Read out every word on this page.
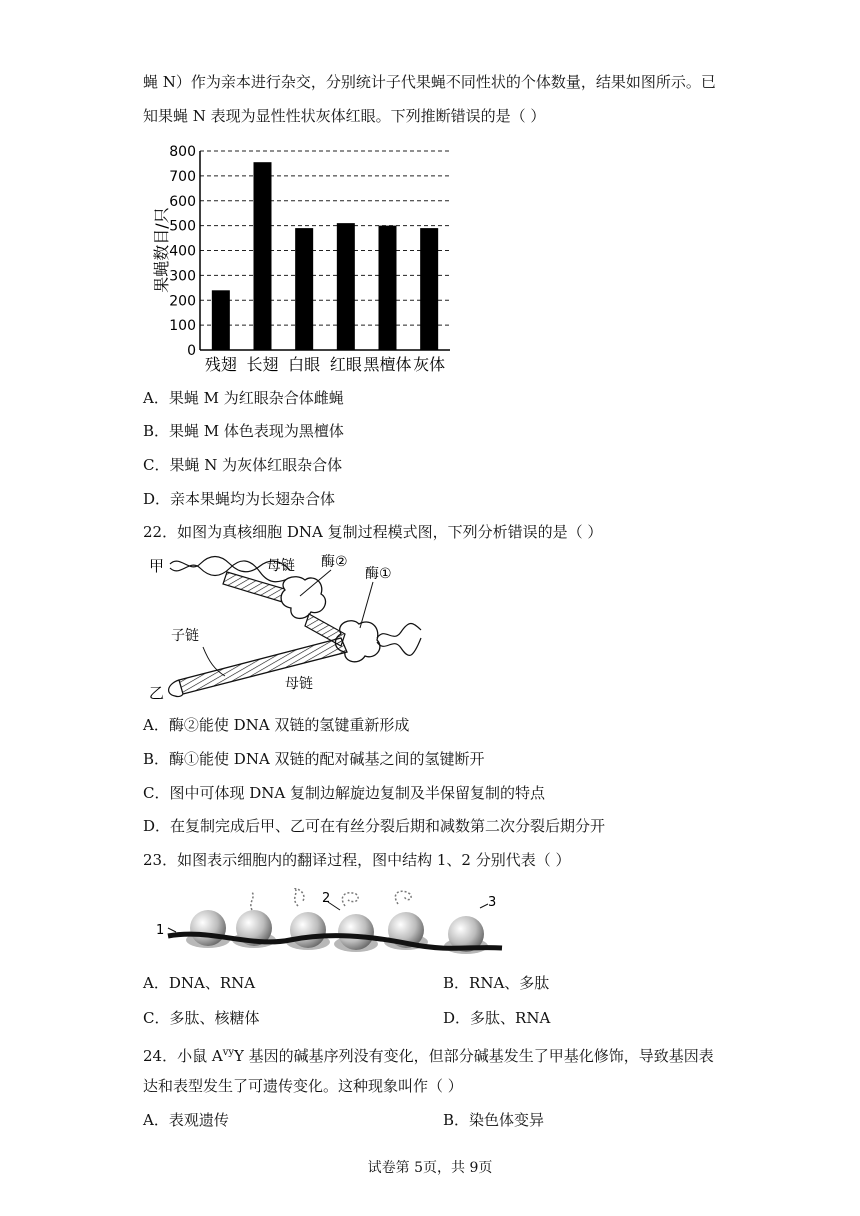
蝇 N）作为亲本进行杂交，分别统计子代果蝇不同性状的个体数量，结果如图所示。已
知果蝇 N 表现为显性性状灰体红眼。下列推断错误的是（ ）
800
700
600
500
400
300
200
100
0
残翅 长翅 白眼 红眼 黑檀体 灰体
果蝇数目/只
A．果蝇 M 为红眼杂合体雌蝇
B．果蝇 M 体色表现为黑檀体
C．果蝇 N 为灰体红眼杂合体
D．亲本果蝇均为长翅杂合体
22．如图为真核细胞 DNA 复制过程模式图，下列分析错误的是（ ）
甲
乙
母链 酶②
酶①
子链
母链
A．酶②能使 DNA 双链的氢键重新形成
B．酶①能使 DNA 双链的配对碱基之间的氢键断开
C．图中可体现 DNA 复制边解旋边复制及半保留复制的特点
D．在复制完成后甲、乙可在有丝分裂后期和减数第二次分裂后期分开
23．如图表示细胞内的翻译过程，图中结构 1、2 分别代表（ ）
1
2	3
A．DNA、RNA	B．RNA、多肽
C．多肽、核糖体	D．多肽、RNA
24．小鼠 $A^{vy}Y$ 基因的碱基序列没有变化，但部分碱基发生了甲基化修饰，导致基因表
达和表型发生了可遗传变化。这种现象叫作（ ）
A．表观遗传	B．染色体变异
试卷第 5页，共 9页
